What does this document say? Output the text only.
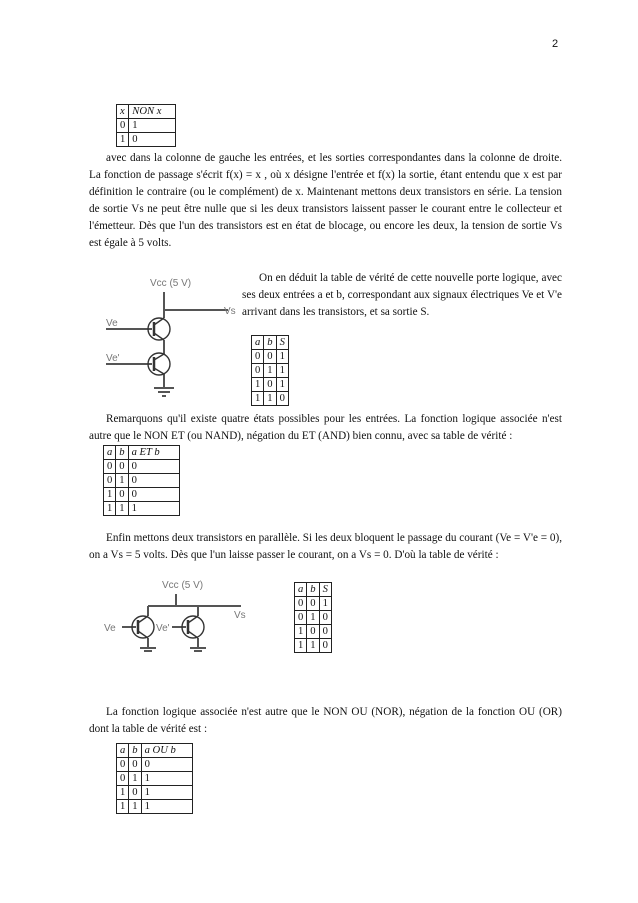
2
x	NON x
0	1
1	0

avec dans la colonne de gauche les entrées, et les sorties correspondantes dans la colonne de droite. La fonction de passage s'écrit f(x) = x , où x désigne l'entrée et f(x) la sortie, étant entendu que x est par définition le contraire (ou le complément) de x. Maintenant mettons deux transistors en série. La tension de sortie Vs ne peut être nulle que si les deux transistors laissent passer le courant entre le collecteur et l'émetteur. Dès que l'un des transistors est en état de blocage, ou encore les deux, la tension de sortie Vs est égale à 5 volts.

Vcc (5 V)
Vs
Ve
Ve'

On en déduit la table de vérité de cette nouvelle porte logique, avec ses deux entrées a et b, correspondant aux signaux électriques Ve et V'e arrivant dans les transistors, et sa sortie S.

a	b	S
0	0	1
0	1	1
1	0	1
1	1	0

Remarquons qu'il existe quatre états possibles pour les entrées. La fonction logique associée n'est autre que le NON ET (ou NAND), négation du ET (AND) bien connu, avec sa table de vérité :

a	b	a ET b
0	0	0
0	1	0
1	0	0
1	1	1

Enfin mettons deux transistors en parallèle. Si les deux bloquent le passage du courant (Ve = V'e = 0), on a Vs = 5 volts. Dès que l'un laisse passer le courant, on a Vs = 0. D'où la table de vérité :

Vcc (5 V)
Vs
Ve	Ve'
a	b	S
0	0	1
0	1	0
1	0	0
1	1	0

La fonction logique associée n'est autre que le NON OU (NOR), négation de la fonction OU (OR) dont la table de vérité est :

a	b	a OU b
0	0	0
0	1	1
1	0	1
1	1	1
